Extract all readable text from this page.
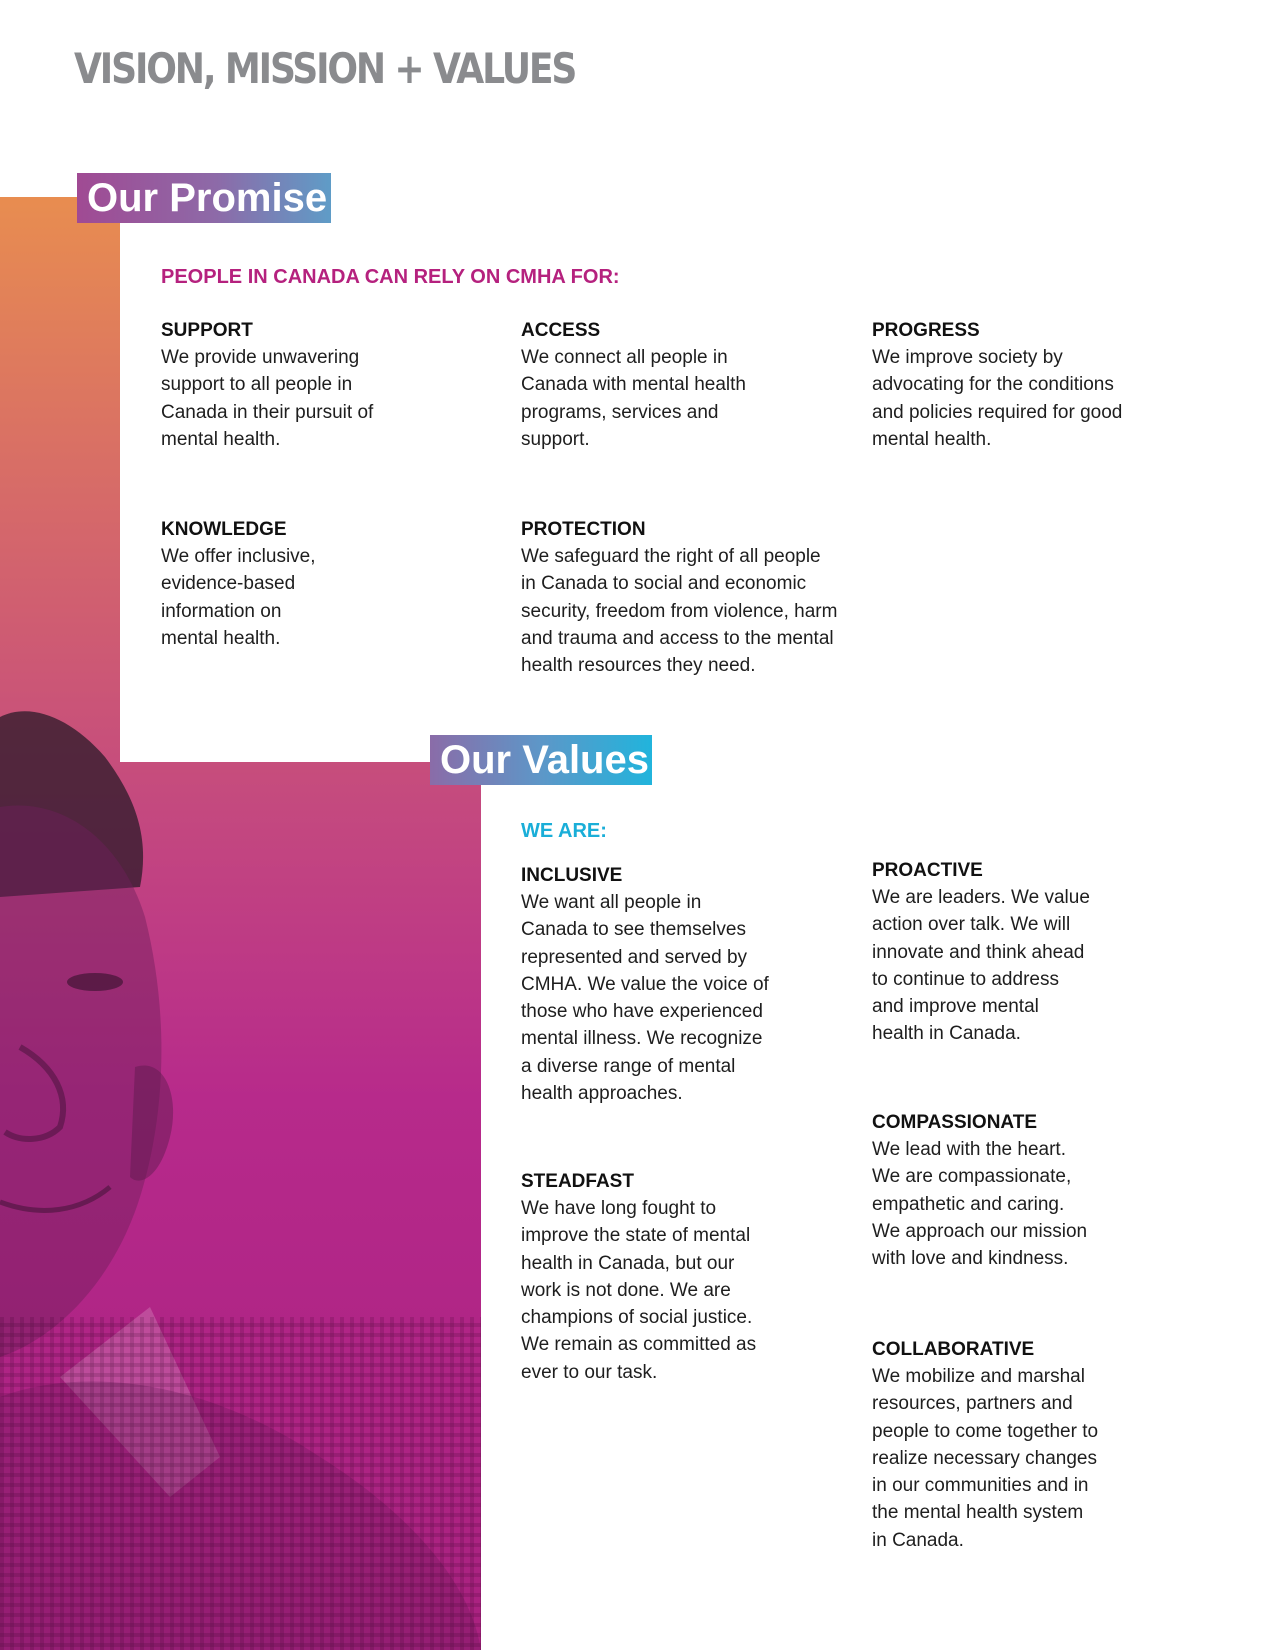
VISION, MISSION + VALUES
Our Promise
PEOPLE IN CANADA CAN RELY ON CMHA FOR:
SUPPORT
We provide unwavering
support to all people in
Canada in their pursuit of
mental health.
ACCESS
We connect all people in
Canada with mental health
programs, services and
support.
PROGRESS
We improve society by
advocating for the conditions
and policies required for good
mental health.
KNOWLEDGE
We offer inclusive,
evidence-based
information on
mental health.
PROTECTION
We safeguard the right of all people
in Canada to social and economic
security, freedom from violence, harm
and trauma and access to the mental
health resources they need.
Our Values
WE ARE:
INCLUSIVE
We want all people in
Canada to see themselves
represented and served by
CMHA. We value the voice of
those who have experienced
mental illness. We recognize
a diverse range of mental
health approaches.
PROACTIVE
We are leaders. We value
action over talk. We will
innovate and think ahead
to continue to address
and improve mental
health in Canada.
COMPASSIONATE
We lead with the heart.
We are compassionate,
empathetic and caring.
We approach our mission
with love and kindness.
STEADFAST
We have long fought to
improve the state of mental
health in Canada, but our
work is not done. We are
champions of social justice.
We remain as committed as
ever to our task.
COLLABORATIVE
We mobilize and marshal
resources, partners and
people to come together to
realize necessary changes
in our communities and in
the mental health system
in Canada.
